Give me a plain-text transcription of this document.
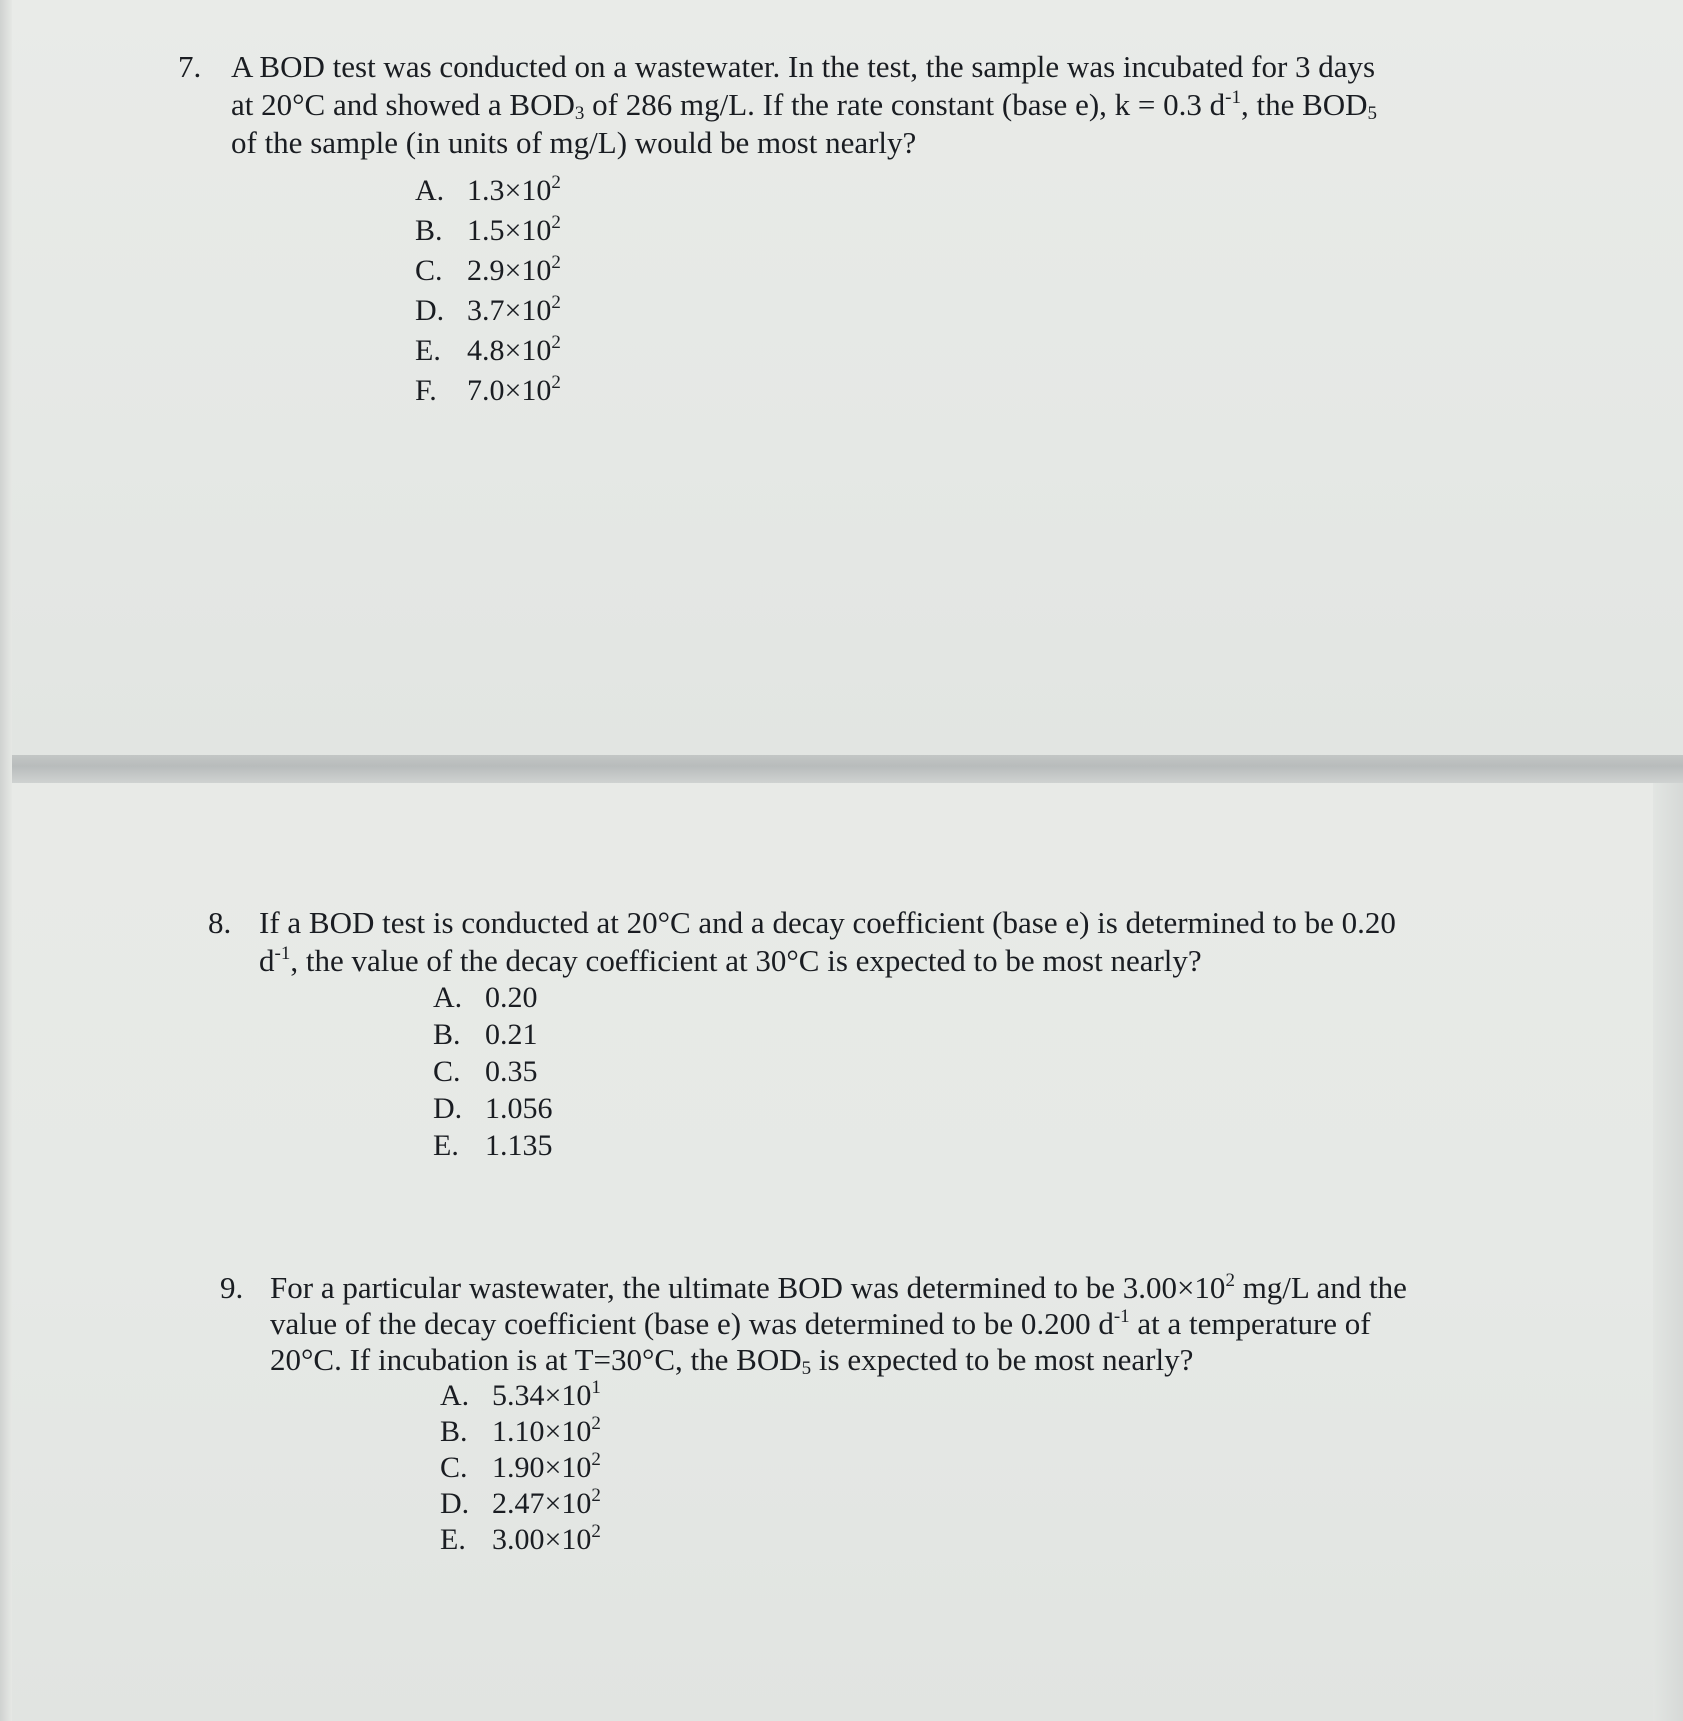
7. A BOD test was conducted on a wastewater. In the test, the sample was incubated for 3 days
at 20°C and showed a $BOD_3$ of 286 mg/L. If the rate constant (base e), k = 0.3 $d^{-1}$, the $BOD_5$
of the sample (in units of mg/L) would be most nearly?
A. $1.3\times 10^2$
B. $1.5\times 10^2$
C. $2.9\times 10^2$
D. $3.7\times 10^2$
E. $4.8\times 10^2$
F. $7.0\times 10^2$
8. If a BOD test is conducted at 20°C and a decay coefficient (base e) is determined to be 0.20
$d^{-1}$, the value of the decay coefficient at 30°C is expected to be most nearly?
A. 0.20
B. 0.21
C. 0.35
D. 1.056
E. 1.135
9. For a particular wastewater, the ultimate BOD was determined to be $3.00\times 10^2$ mg/L and the
value of the decay coefficient (base e) was determined to be 0.200 $d^{-1}$ at a temperature of
20°C. If incubation is at T=30°C, the $BOD_5$ is expected to be most nearly?
A. $5.34\times 10^1$
B. $1.10\times 10^2$
C. $1.90\times 10^2$
D. $2.47\times 10^2$
E. $3.00\times 10^2$
